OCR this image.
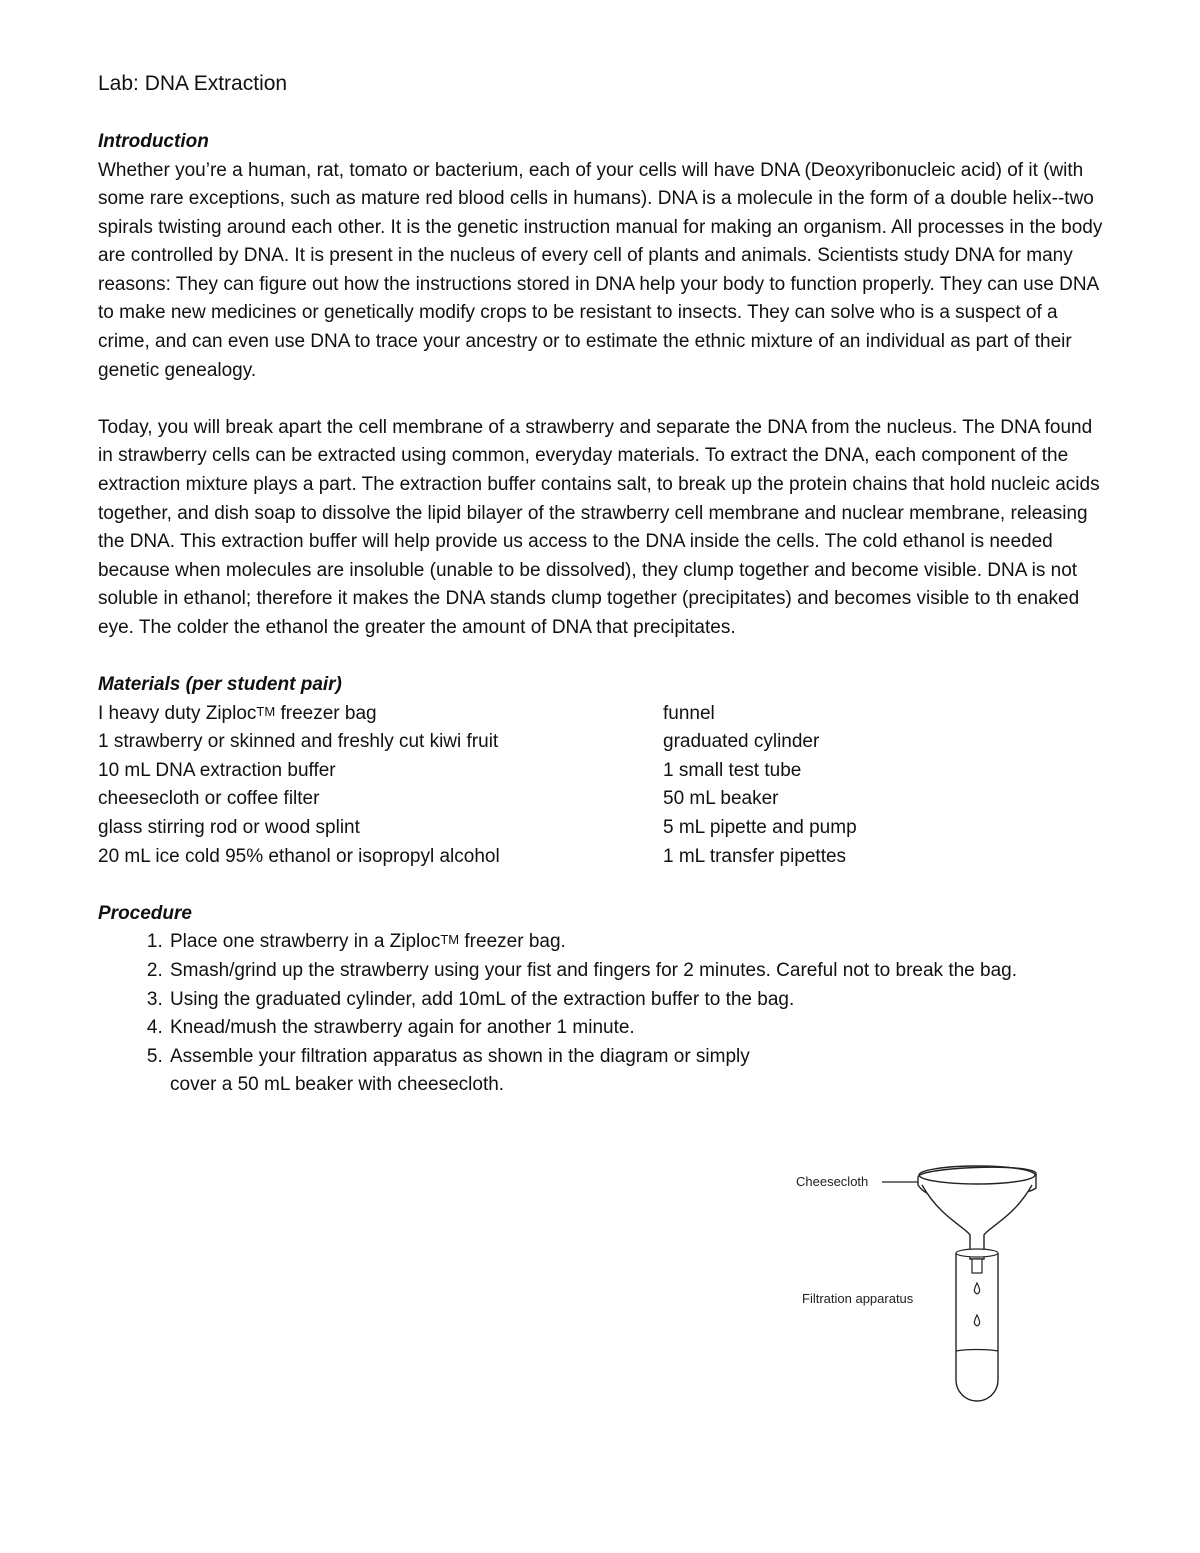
Lab: DNA Extraction
Introduction

Whether you’re a human, rat, tomato or bacterium, each of your cells will have DNA (Deoxyribonucleic acid) of it (with some rare exceptions, such as mature red blood cells in humans). DNA is a molecule in the form of a double helix--two spirals twisting around each other. It is the genetic instruction manual for making an organism. All processes in the body are controlled by DNA. It is present in the nucleus of every cell of plants and animals. Scientists study DNA for many reasons: They can figure out how the instructions stored in DNA help your body to function properly. They can use DNA to make new medicines or genetically modify crops to be resistant to insects. They can solve who is a suspect of a crime, and can even use DNA to trace your ancestry or to estimate the ethnic mixture of an individual as part of their genetic genealogy.

Today, you will break apart the cell membrane of a strawberry and separate the DNA from the nucleus. The DNA found in strawberry cells can be extracted using common, everyday materials. To extract the DNA, each component of the extraction mixture plays a part. The extraction buffer contains salt, to break up the protein chains that hold nucleic acids together, and dish soap to dissolve the lipid bilayer of the strawberry cell membrane and nuclear membrane, releasing the DNA. This extraction buffer will help provide us access to the DNA inside the cells. The cold ethanol is needed because when molecules are insoluble (unable to be dissolved), they clump together and become visible. DNA is not soluble in ethanol; therefore it makes the DNA stands clump together (precipitates) and becomes visible to th enaked eye. The colder the ethanol the greater the amount of DNA that precipitates.

Materials (per student pair)
I heavy duty Ziploc™ freezer bag	funnel
1 strawberry or skinned and freshly cut kiwi fruit	graduated cylinder
10 mL DNA extraction buffer	1 small test tube
cheesecloth or coffee filter	50 mL beaker
glass stirring rod or wood splint	5 mL pipette and pump
20 mL ice cold 95% ethanol or isopropyl alcohol	1 mL transfer pipettes
Procedure
1. Place one strawberry in a Ziploc™ freezer bag.
2. Smash/grind up the strawberry using your fist and fingers for 2 minutes. Careful not to break the bag.
3. Using the graduated cylinder, add 10mL of the extraction buffer to the bag.
4. Knead/mush the strawberry again for another 1 minute.
5. Assemble your filtration apparatus as shown in the diagram or simply cover a 50 mL beaker with cheesecloth.
Cheesecloth
Filtration apparatus
